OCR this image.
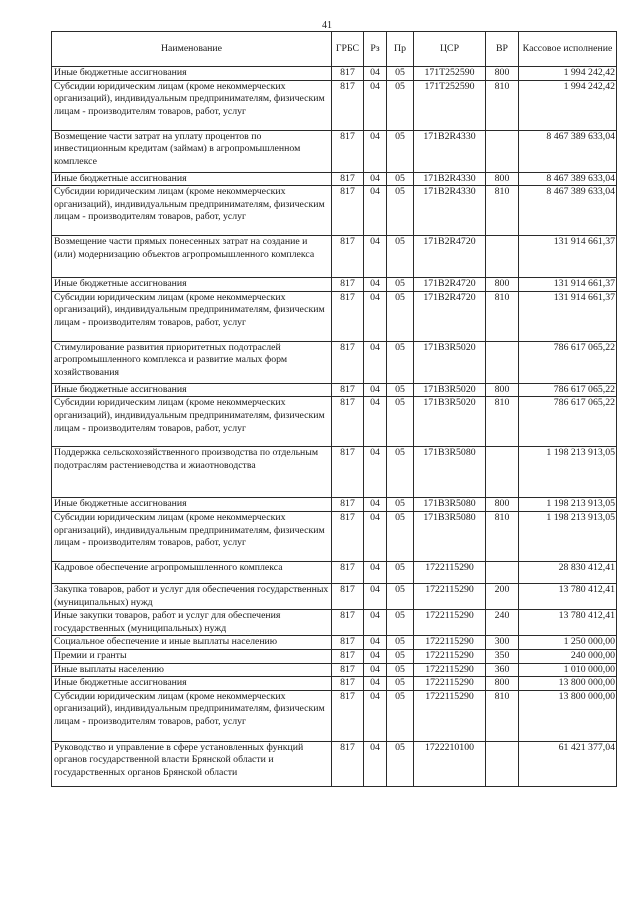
41
Наименование	ГРБС	Рз	Пр	ЦСР	ВР	Кассовое исполнение
Иные бюджетные ассигнования	817	04	05	171Т252590	800	1 994 242,42
Субсидии юридическим лицам (кроме некоммерческих организаций), индивидуальным предпринимателям, физическим лицам - производителям товаров, работ, услуг	817	04	05	171Т252590	810	1 994 242,42
Возмещение части затрат на уплату процентов по инвестиционным кредитам (займам) в агропромышленном комплексе	817	04	05	171В2R4330		8 467 389 633,04
Иные бюджетные ассигнования	817	04	05	171В2R4330	800	8 467 389 633,04
Субсидии юридическим лицам (кроме некоммерческих организаций), индивидуальным предпринимателям, физическим лицам - производителям товаров, работ, услуг	817	04	05	171В2R4330	810	8 467 389 633,04
Возмещение части прямых понесенных затрат на создание и (или) модернизацию объектов агропромышленного комплекса	817	04	05	171В2R4720		131 914 661,37
Иные бюджетные ассигнования	817	04	05	171В2R4720	800	131 914 661,37
Субсидии юридическим лицам (кроме некоммерческих организаций), индивидуальным предпринимателям, физическим лицам - производителям товаров, работ, услуг	817	04	05	171В2R4720	810	131 914 661,37
Стимулирование развития приоритетных подотраслей агропромышленного комплекса и развитие малых форм хозяйствования	817	04	05	171В3R5020		786 617 065,22
Иные бюджетные ассигнования	817	04	05	171В3R5020	800	786 617 065,22
Субсидии юридическим лицам (кроме некоммерческих организаций), индивидуальным предпринимателям, физическим лицам - производителям товаров, работ, услуг	817	04	05	171В3R5020	810	786 617 065,22
Поддержка сельскохозяйственного производства по отдельным подотраслям растениеводства и жиаотноводства	817	04	05	171В3R5080		1 198 213 913,05
Иные бюджетные ассигнования	817	04	05	171В3R5080	800	1 198 213 913,05
Субсидии юридическим лицам (кроме некоммерческих организаций), индивидуальным предпринимателям, физическим лицам - производителям товаров, работ, услуг	817	04	05	171В3R5080	810	1 198 213 913,05
Кадровое обеспечение агропромышленного комплекса	817	04	05	1722115290		28 830 412,41
Закупка товаров, работ и услуг для обеспечения государственных (муниципальных) нужд	817	04	05	1722115290	200	13 780 412,41
Иные закупки товаров, работ и услуг для обеспечения государственных (муниципальных) нужд	817	04	05	1722115290	240	13 780 412,41
Социальное обеспечение и иные выплаты населению	817	04	05	1722115290	300	1 250 000,00
Премии и гранты	817	04	05	1722115290	350	240 000,00
Иные выплаты населению	817	04	05	1722115290	360	1 010 000,00
Иные бюджетные ассигнования	817	04	05	1722115290	800	13 800 000,00
Субсидии юридическим лицам (кроме некоммерческих организаций), индивидуальным предпринимателям, физическим лицам - производителям товаров, работ, услуг	817	04	05	1722115290	810	13 800 000,00
Руководство и управление в сфере установленных функций органов государственной власти Брянской области и государственных органов Брянской области	817	04	05	1722210100		61 421 377,04
